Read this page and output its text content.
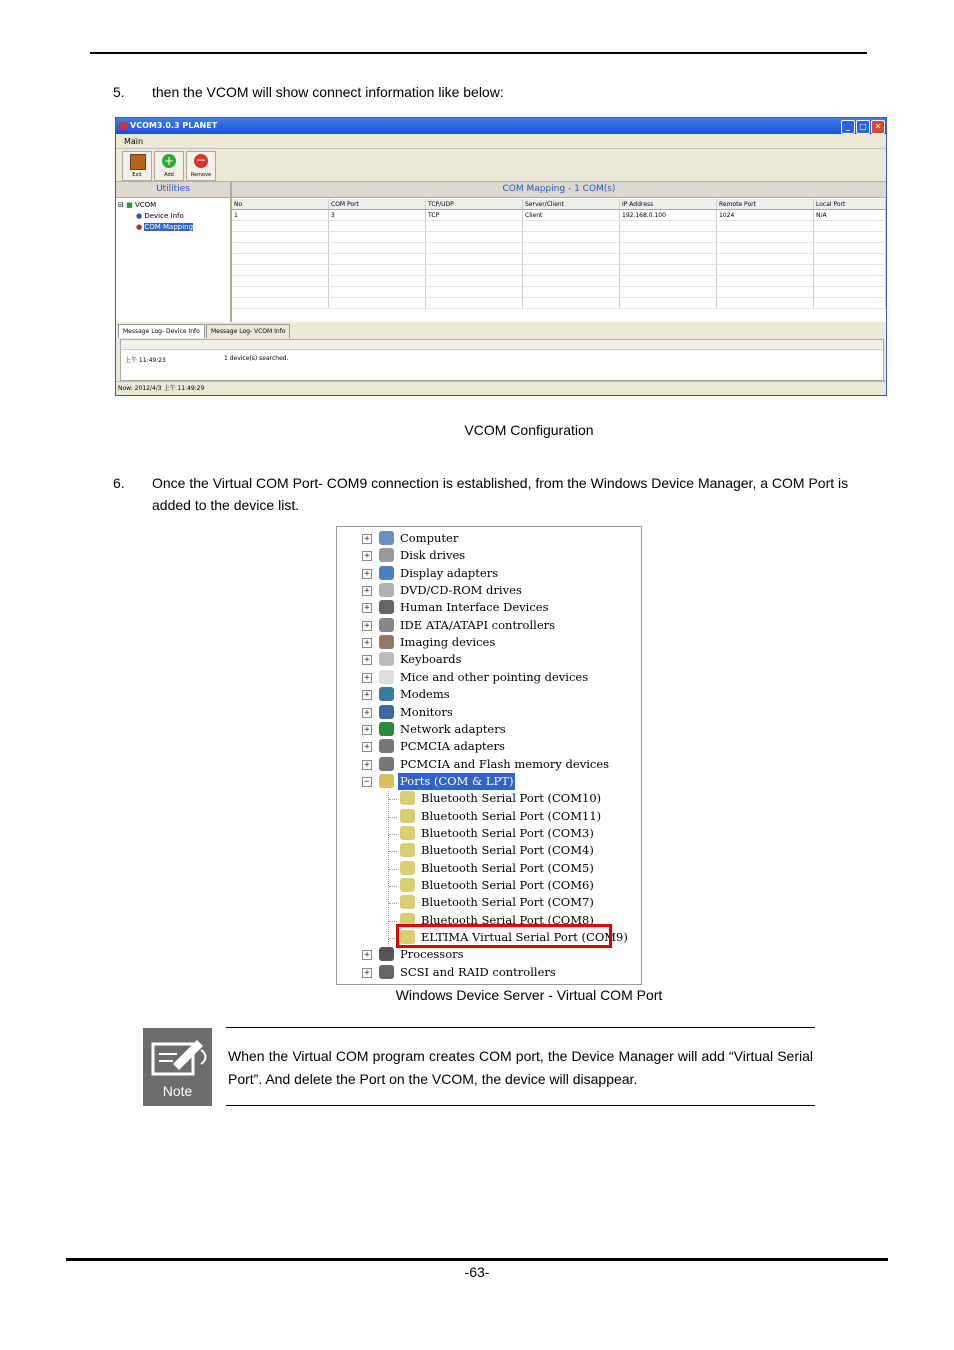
5.	then the VCOM will show connect information like below:
VCOM3.0.3 PLANET	_	□ ✕
Main
Exit
+
Add
−
Remove
Utilities
⊟ ■ VCOM
● Device Info
● COM Mapping
COM Mapping - 1 COM(s)
No	COM Port	TCP/UDP	Server/Client	IP Address	Remote Port	Local Port
1	3	TCP	Client	192.168.0.100	1024	N/A

Message Log- Device Info	Message Log- VCOM Info
上午 11:49:23	1 device(s) searched.
Now: 2012/4/3 上午 11:49:29
VCOM Configuration
6.	Once the Virtual COM Port- COM9 connection is established, from the Windows Device Manager, a COM Port is
added to the device list.
+	Computer
+	Disk drives
+	Display adapters
+	DVD/CD-ROM drives
+	Human Interface Devices
+	IDE ATA/ATAPI controllers
+	Imaging devices
+	Keyboards
+	Mice and other pointing devices
+	Modems
+	Monitors
+	Network adapters
+	PCMCIA adapters
+	PCMCIA and Flash memory devices
−	Ports (COM & LPT)
Bluetooth Serial Port (COM10)
Bluetooth Serial Port (COM11)
Bluetooth Serial Port (COM3)
Bluetooth Serial Port (COM4)
Bluetooth Serial Port (COM5)
Bluetooth Serial Port (COM6)
Bluetooth Serial Port (COM7)
Bluetooth Serial Port (COM8)
ELTIMA Virtual Serial Port (COM9)
+	Processors
+	SCSI and RAID controllers
Windows Device Server - Virtual COM Port
Note
When the Virtual COM program creates COM port, the Device Manager will add “Virtual Serial Port”. And delete the Port on the VCOM, the device will disappear.
-63-
